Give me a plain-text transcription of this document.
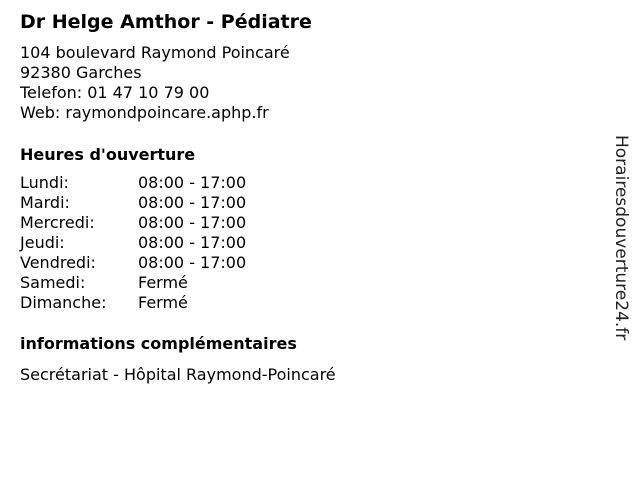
Dr Helge Amthor - Pédiatre
104 boulevard Raymond Poincaré
92380 Garches
Telefon: 01 47 10 79 00
Web: raymondpoincare.aphp.fr
Heures d'ouverture
Lundi:	08:00 - 17:00
Mardi:	08:00 - 17:00
Mercredi:	08:00 - 17:00
Jeudi:	08:00 - 17:00
Vendredi:	08:00 - 17:00
Samedi:	Fermé
Dimanche:	Fermé
informations complémentaires
Secrétariat - Hôpital Raymond-Poincaré
Horairesdouverture24.fr
